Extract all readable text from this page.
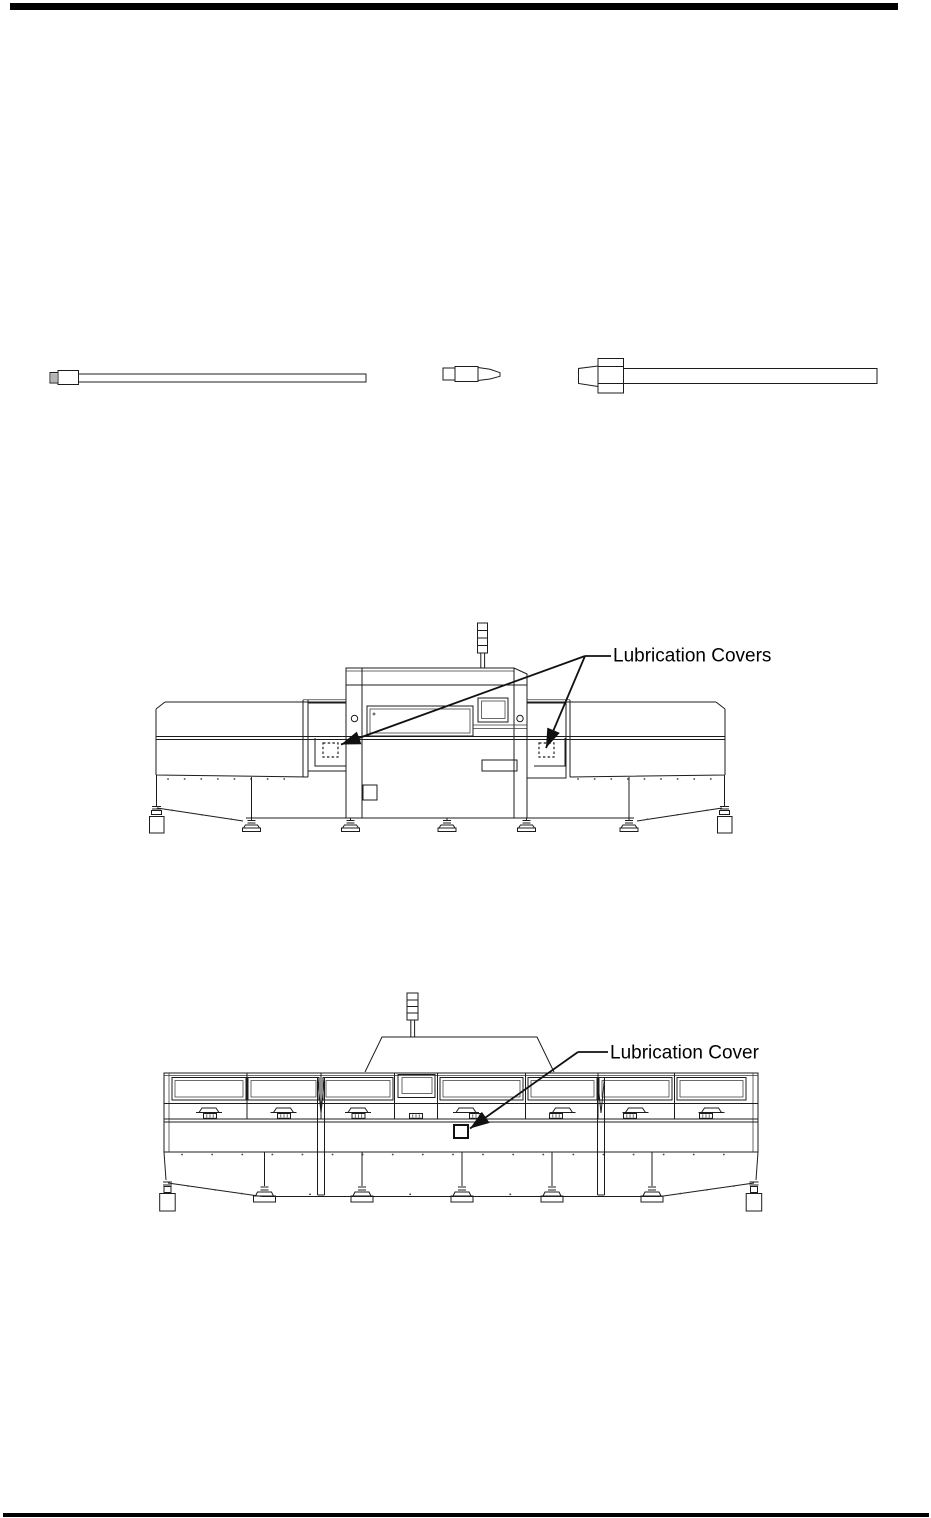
Lubrication Covers
Lubrication Cover
